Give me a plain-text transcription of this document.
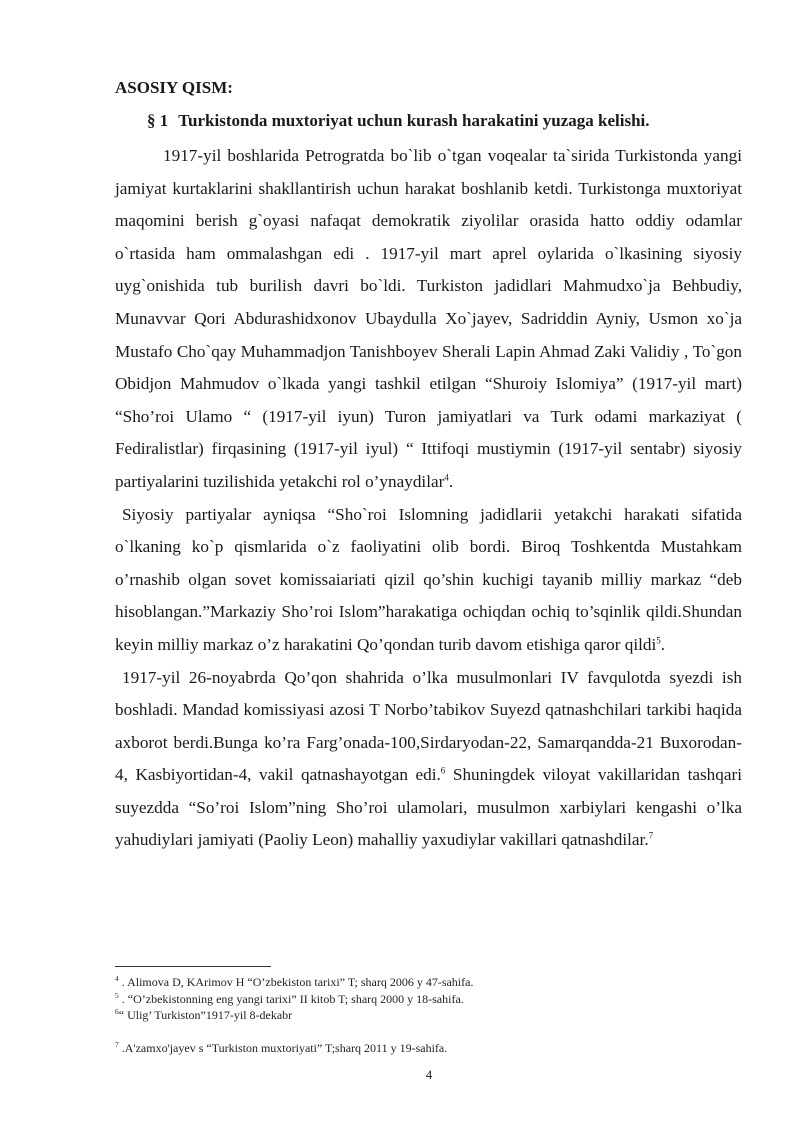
ASOSIY QISM:
§ 1 Turkistonda muxtoriyat uchun kurash harakatini yuzaga kelishi.

1917-yil boshlarida Petrogratda bo`lib o`tgan voqealar ta`sirida Turkistonda yangi jamiyat kurtaklarini shakllantirish uchun harakat boshlanib ketdi. Turkistonga muxtoriyat maqomini berish g`oyasi nafaqat demokratik ziyolilar orasida hatto oddiy odamlar o`rtasida ham ommalashgan edi . 1917-yil mart aprel oylarida o`lkasining siyosiy uyg`onishida tub burilish davri bo`ldi. Turkiston jadidlari Mahmudxo`ja Behbudiy, Munavvar Qori Abdurashidxonov Ubaydulla Xo`jayev, Sadriddin Ayniy, Usmon xo`ja Mustafo Cho`qay Muhammadjon Tanishboyev Sherali Lapin Ahmad Zaki Validiy , To`gon Obidjon Mahmudov o`lkada yangi tashkil etilgan “Shuroiy Islomiya” (1917-yil mart) “Sho’roi Ulamo “ (1917-yil iyun) Turon jamiyatlari va Turk odami markaziyat ( Fediralistlar) firqasining (1917-yil iyul) “ Ittifoqi mustiymin (1917-yil sentabr) siyosiy partiyalarini tuzilishida yetakchi rol o’ynaydilar$^4$.

Siyosiy partiyalar ayniqsa “Sho`roi Islomning jadidlarii yetakchi harakati sifatida o`lkaning ko`p qismlarida o`z faoliyatini olib bordi. Biroq Toshkentda Mustahkam o’rnashib olgan sovet komissaiariati qizil qo’shin kuchigi tayanib milliy markaz “deb hisoblangan.”Markaziy Sho’roi Islom”harakatiga ochiqdan ochiq to’sqinlik qildi.Shundan keyin milliy markaz o’z harakatini Qo’qondan turib davom etishiga qaror qildi$^5$.

1917-yil 26-noyabrda Qo’qon shahrida o’lka musulmonlari IV favqulotda syezdi ish boshladi. Mandad komissiyasi azosi T Norbo’tabikov Suyezd qatnashchilari tarkibi haqida axborot berdi.Bunga ko’ra Farg’onada-100,Sirdaryodan-22, Samarqandda-21 Buxorodan-4, Kasbiyortidan-4, vakil qatnashayotgan edi.$^6$ Shuningdek viloyat vakillaridan tashqari suyezdda “So’roi Islom”ning Sho’roi ulamolari, musulmon xarbiylari kengashi o’lka yahudiylari jamiyati (Paoliy Leon) mahalliy yaxudiylar vakillari qatnashdilar.$^7$

$^4$ . Alimova D, KArimov H “O’zbekiston tarixi” T; sharq 2006 y 47-sahifa.
$^5$ . “O’zbekistonning eng yangi tarixi” II kitob T; sharq 2000 y 18-sahifa.
$^6$“ Ulig’ Turkiston”1917-yil 8-dekabr
$^7$ .A'zamxo'jayev s “Turkiston muxtoriyati” T;sharq 2011 y 19-sahifa.
4
